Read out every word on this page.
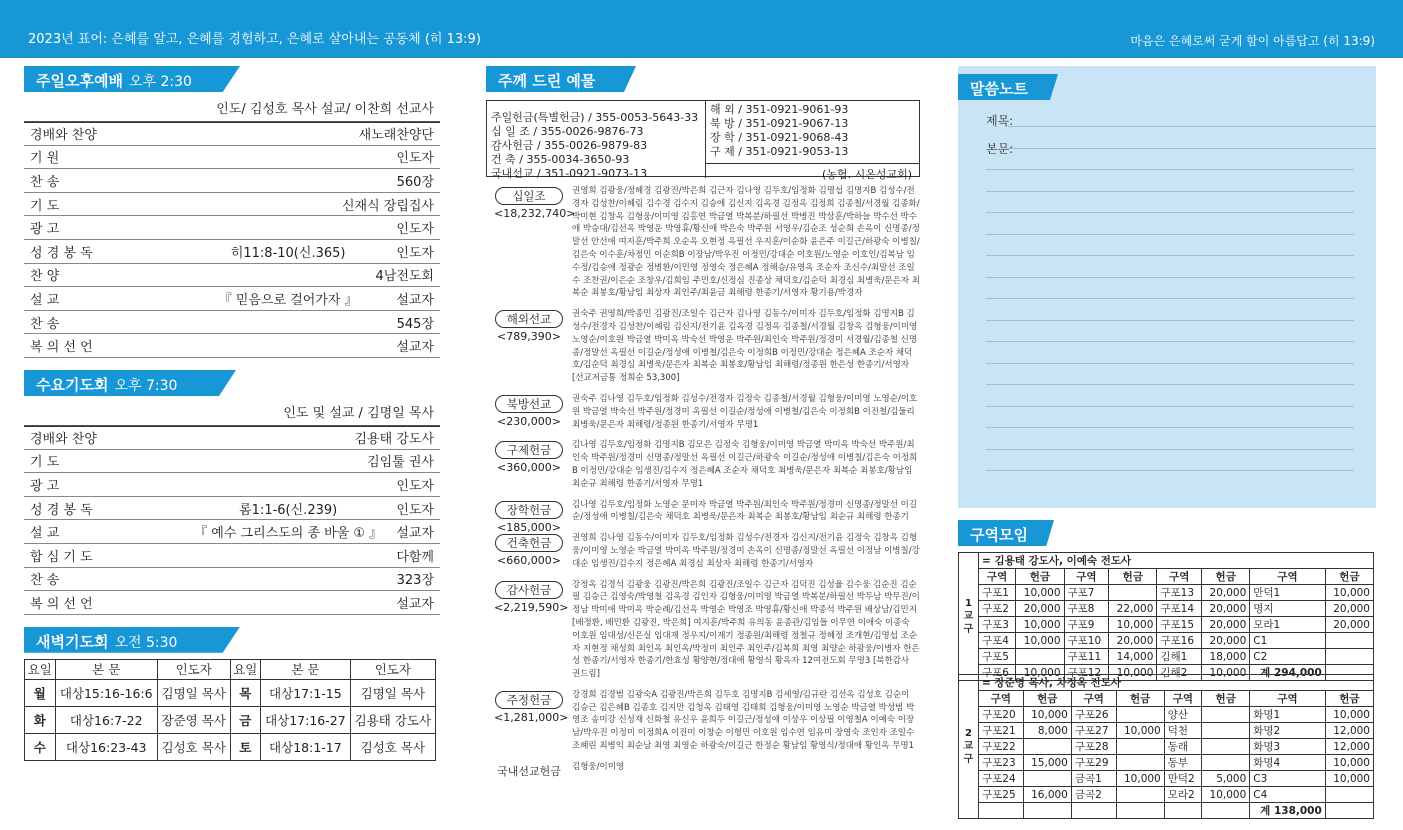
2023년 표어: 은혜를 알고, 은혜를 경험하고, 은혜로 살아내는 공동체 (히 13:9)	마음은 은혜로써 굳게 함이 아름답고 (히 13:9)
주일오후예배 오후 2:30
인도/ 김성호 목사 설교/ 이찬희 선교사
경배와 찬양	새노래찬양단
기 원	인도자
찬 송	560장
기 도	신재식 장립집사
광 고	인도자
성 경 봉 독	히11:8-10(신.365)	인도자
찬 양	4남전도회
설 교	『 믿음으로 걸어가자 』	설교자
찬 송	545장
복 의 선 언	설교자
수요기도회 오후 7:30
인도 및 설교 / 김명일 목사
경배와 찬양	김용태 강도사
기 도	김임툴 권사
광 고	인도자
성 경 봉 독	롬1:1-6(신.239)	인도자
설 교	『 예수 그리스도의 종 바울 ① 』	설교자
합 심 기 도	다함께
찬 송	323장
복 의 선 언	설교자
새벽기도회 오전 5:30
요일	본 문	인도자	요일	본 문	인도자
월	대상15:16-16:6	김명일 목사	목	대상17:1-15	김명일 목사
화	대상16:7-22	장준영 목사	금	대상17:16-27	김용태 강도사
수	대상16:23-43	김성호 목사	토	대상18:1-17	김성호 목사
주께 드린 예물
주일헌금(특별헌금) / 355-0053-5643-33
십 일 조 / 355-0026-9876-73
감사헌금 / 355-0026-9879-83
건 축 / 355-0034-3650-93
국내선교 / 351-0921-9073-13
해 외 / 351-0921-9061-93
북 방 / 351-0921-9067-13
장 학 / 351-0921-9068-43
구 제 / 351-0921-9053-13
(농협. 시온성교회)
십일조
<18,232,740>
권영희 김광웅/정혜경 김광진/박은희 김근자 김나영 김두호/임정화 김명섭 김명지B 김성수/전경자 김성찬/이혜림 김수경 김수지 김승애 김신지 김옥경 김정옥 김정희 김종철/서경월 김종화/박미현 김창옥 김형웅/이미영 김홍연 박금열 박복분/하필선 박병진 박상훈/박하늘 박수선 박수애 박승대/김선옥 박영운 박영휴/황신애 박은숙 박주원 서영우/김순조 성순희 손옥이 신명종/정말선 안선애 여지훈/박주희 오순옥 오현정 옥필선 우지훈/이순화 윤은주 이길근/하광숙 이병칠/김은숙 이수훈/차정민 이순희B 이장남/박우진 이정민/강대순 이호원/노영순 이호인/김복남 임수정/김승애 정광순 정병환/이민영 정영숙 정은혜A 정해승/유영옥 조순자 조신수/최말선 조일수 조찬권/이은순 조창우/김희임 주민호/신정심 진종상 채덕호/김순덕 최경심 최병욱/문은자 최복순 최봉호/황남임 최상자 최인주/최윤금 최해령 한종기/서영자 황기용/박경자
해외선교
<789,390>
권숙주 권영희/박종민 김광진/조일수 김근자 김나영 김동수/이미자 김두호/임정화 김명지B 김성수/전경자 김성찬/이혜림 김신지/전기윤 김옥경 김정옥 김종철/서경월 김창옥 김형웅/이미영 노영순/이호원 박금열 박미옥 박숙선 박영운 박주원/최인숙 박주원/정경미 서경월/김종철 신명종/정말선 옥필선 이길순/정성애 이병철/김은숙 이정희B 이정민/강대순 정은혜A 조순자 채덕호/김순덕 최경심 최병욱/문은자 최복순 최봉호/황남임 최해령/정종원 한은성 한종기/서영자 [선교저금통 정희순 53,300]
북방선교
<230,000>
권숙주 김나영 김두호/임정화 김성수/전경자 김정숙 김종철/서경월 김형웅/이미영 노영순/이호원 박금열 박숙선 박주원/정경미 옥필선 이길순/정성애 이병철/김은숙 이정희B 이진철/김둘리 최병욱/문은자 최해령/정종원 한종기/서영자 무명1
구제헌금
<360,000>
김나영 김두호/임정화 김명지B 김모은 김정숙 김형웅/이미영 박금열 박미옥 박숙선 박주원/최인숙 박주원/정경미 신명종/정말선 옥필선 이길근/하광숙 이길순/정성애 이병칠/김은숙 이정희B 이정민/강대순 임생진/김수지 정은혜A 조순자 채덕호 최병욱/문은자 최복순 최봉호/황남임 최순규 최해령 한종기/서영자 무명1
장학헌금
<185,000>
김나영 김두호/임정화 노영순 문미자 박금열 박주원/최인숙 박주원/정경미 신명종/정말선 이길순/정성애 이병칠/김은숙 채덕호 최병욱/문은자 최복순 최봉호/황남임 최순규 최해령 한종기
건축헌금
<660,000>
권영희 김나영 김동수/이미자 김두호/임정화 김성수/전경자 김신지/전기윤 김정숙 김창옥 김형웅/이미영 노영순 박금열 박미옥 박주원/정경미 손옥이 신명종/정말선 옥필선 이정남 이병칠/강대순 임생진/김수지 정은혜A 최경심 최상자 최해령 한종기/서영자
감사헌금
<2,219,590>
강정옥 김경석 김광웅 김광진/박은희 김광진/조일수 김근자 김덕진 김성율 김수웅 김순진 김순필 김승근 김영숙/박영철 김옥경 김인자 김형웅/이미영 박금열 박복분/하필선 박두남 박무진/이정남 박미애 박미옥 박순례/김선옥 박영순 박영조 박영휴/황신애 박종석 박주원 배상남/김민지[배정환, 배민환 김광진, 박은희] 여지훈/박주희 유의동 윤종관/김임들 이무연 이애숙 이종숙 이호원 임대성/신은실 임대재 정우지/이재기 정종원/최해령 정철규 정혜정 조개현/김명섭 조순자 지현정 채성희 최인옥 최인옥/박정미 최인주 최인주/김복희 최영 최양순 하광웅/이병자 한은성 한종기/서영자 한종기/한효성 황양현/정대애 황영식 황옥자 12여전도회 무명3 [북한감사 권드림]
주정헌금
<1,281,000>
강경희 김경범 김광숙A 김광진/박은희 김두호 김명지B 김세영/김규란 김선옥 김성호 김순이 김승근 김은혜B 김종호 김지만 김청옥 김태영 김태희 김형웅/이미영 노영순 박금열 박성범 박영조 송미강 신성재 신화철 유신우 윤희두 이길근/정성애 이상우 이상필 이영철A 이예숙 이장남/박우진 이정미 이정희A 이진미 이창순 이형민 이호원 임수연 임유미 장영숙 조인자 조일수 조혜린 최병익 최순남 최영 최영순 하광숙/이길근 한정순 황남임 황영식/정대애 황인옥 무명1
국내선교헌금	김형웅/이미영
말씀노트
제목:
본문:
구역모임
1교구	= 김용태 강도사, 이예숙 전도사							
	구역	헌금	구역	헌금	구역	헌금	구역	헌금
	구포1	10,000	구포7		구포13	20,000	만덕1	10,000
	구포2	20,000	구포8	22,000	구포14	20,000	명지	20,000
	구포3	10,000	구포9	10,000	구포15	20,000	모라1	20,000
	구포4	10,000	구포10	20,000	구포16	20,000	C1	
	구포5		구포11	14,000	김해1	18,000	C2	
	구포6	10,000	구포12	10,000	김해2	10,000	계 294,000	
2교구	= 장준영 목사, 차정옥 전도사							
	구역	헌금	구역	헌금	구역	헌금	구역	헌금
	구포20	10,000	구포26		양산		화명1	10,000
	구포21	8,000	구포27	10,000	덕천		화명2	12,000
	구포22		구포28		동래		화명3	12,000
	구포23	15,000	구포29		동부		화명4	10,000
	구포24		금곡1	10,000	만덕2	5,000	C3	10,000
	구포25	16,000	금곡2		모라2	10,000	C4	
							계 138,000	
